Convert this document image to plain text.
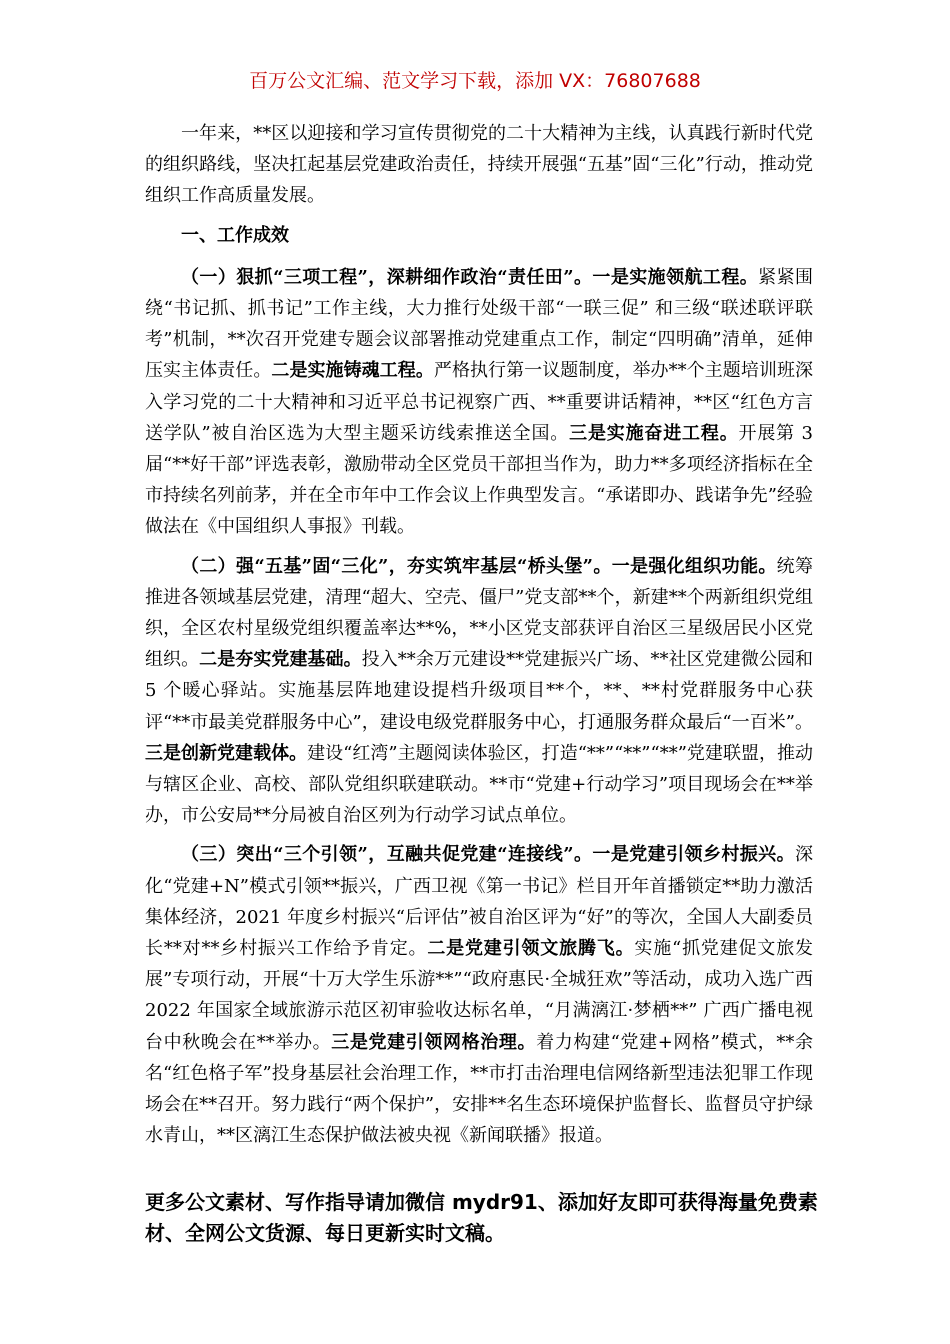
百万公文汇编、范文学习下载，添加 VX：76807688

一年来，**区以迎接和学习宣传贯彻党的二十大精神为主线，认真践行新时代党的组织路线，坚决扛起基层党建政治责任，持续开展强“五基”固“三化”行动，推动党组织工作高质量发展。

一、工作成效

（一）狠抓“三项工程”，深耕细作政治“责任田”。一是实施领航工程。紧紧围绕“书记抓、抓书记”工作主线，大力推行处级干部“一联三促” 和三级“联述联评联考”机制，**次召开党建专题会议部署推动党建重点工作，制定“四明确”清单，延伸压实主体责任。二是实施铸魂工程。严格执行第一议题制度，举办**个主题培训班深入学习党的二十大精神和习近平总书记视察广西、**重要讲话精神，**区“红色方言送学队”被自治区选为大型主题采访线索推送全国。三是实施奋进工程。开展第 3 届“**好干部”评选表彰，激励带动全区党员干部担当作为，助力**多项经济指标在全市持续名列前茅，并在全市年中工作会议上作典型发言。“承诺即办、践诺争先”经验做法在《中国组织人事报》刊载。

（二）强“五基”固“三化”，夯实筑牢基层“桥头堡”。一是强化组织功能。统筹推进各领域基层党建，清理“超大、空壳、僵尸”党支部**个，新建**个两新组织党组织，全区农村星级党组织覆盖率达**%，**小区党支部获评自治区三星级居民小区党组织。二是夯实党建基础。投入**余万元建设**党建振兴广场、**社区党建微公园和 5 个暖心驿站。实施基层阵地建设提档升级项目**个，**、**村党群服务中心获评“**市最美党群服务中心”，建设电级党群服务中心，打通服务群众最后“一百米”。三是创新党建载体。建设“红湾”主题阅读体验区，打造“**”“**”“**”党建联盟，推动与辖区企业、高校、部队党组织联建联动。**市“党建+行动学习”项目现场会在**举办，市公安局**分局被自治区列为行动学习试点单位。

（三）突出“三个引领”，互融共促党建“连接线”。一是党建引领乡村振兴。深化“党建+N”模式引领**振兴，广西卫视《第一书记》栏目开年首播锁定**助力激活集体经济，2021 年度乡村振兴“后评估”被自治区评为“好”的等次，全国人大副委员长**对**乡村振兴工作给予肯定。二是党建引领文旅腾飞。实施“抓党建促文旅发展”专项行动，开展“十万大学生乐游**”“政府惠民·全城狂欢”等活动，成功入选广西 2022 年国家全域旅游示范区初审验收达标名单，“月满漓江·梦栖**” 广西广播电视台中秋晚会在**举办。三是党建引领网格治理。着力构建“党建+网格”模式，**余名“红色格子军”投身基层社会治理工作，**市打击治理电信网络新型违法犯罪工作现场会在**召开。努力践行“两个保护”，安排**名生态环境保护监督长、监督员守护绿水青山，**区漓江生态保护做法被央视《新闻联播》报道。

更多公文素材、写作指导请加微信 mydr91、添加好友即可获得海量免费素材、全网公文货源、每日更新实时文稿。
